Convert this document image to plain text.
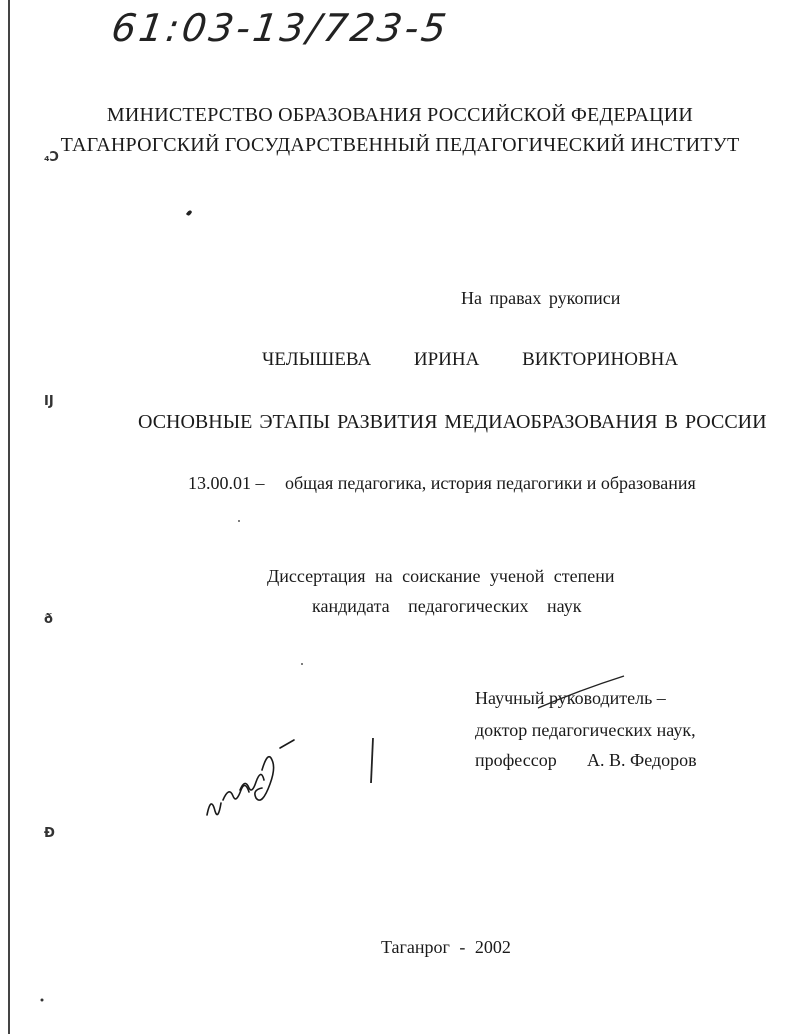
61:03-13/723-5
МИНИСТЕРСТВО ОБРАЗОВАНИЯ РОССИЙСКОЙ ФЕДЕРАЦИИ
ТАГАНРОГСКИЙ ГОСУДАРСТВЕННЫЙ ПЕДАГОГИЧЕСКИЙ ИНСТИТУТ
На правах рукописи
ЧЕЛЫШЕВА ИРИНА ВИКТОРИНОВНА
ОСНОВНЫЕ ЭТАПЫ РАЗВИТИЯ МЕДИАОБРАЗОВАНИЯ В РОССИИ
13.00.01 – общая педагогика, история педагогики и образования
Диссертация на соискание ученой степени
кандидата педагогических наук
Научный руководитель –
доктор педагогических наук,
профессор А. В. Федоров
Таганрог - 2002
₄Ͻ
IJ
ð
Ð
